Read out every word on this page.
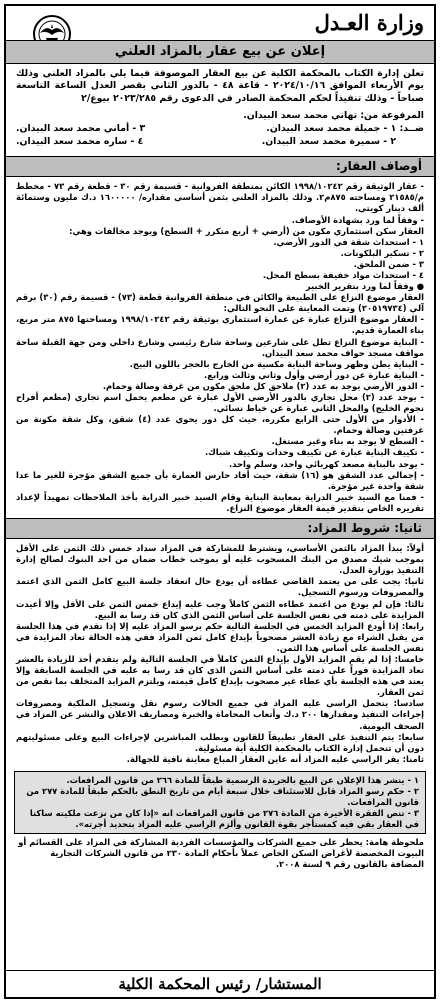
وزارة العـدل
إعلان عن بيع عقار بالمزاد العلني
تعلن إدارة الكتاب بالمحكمة الكلية عن بيع العقار الموصوفة فيما يلي بالمزاد العلني وذلك يوم الأربعاء الموافق ٢٠٢٤/١٠/١٦ - قاعة ٤٨ - بالدور الثاني بقصر العدل الساعة التاسعة صباحاً - وذلك تنفيذاً لحكم المحكمة الصادر في الدعوى رقم ٢٠٢٣/٢٨٥ بيوع/٢
المرفوعة من: تهاني محمد سعد البيدان.
ضــد: ١ - جميلة محمد سعد البيدان.
٣ - أماني محمد سعد البيدان.
٢ - سميرة محمد سعد البيدان.
٤ - ساره محمد سعد البيدان.
أوصاف العقار:

- عقار الوثيقة رقم ١٩٩٨/١٠٢٤٢ الكائن بمنطقة الفروانية - قسيمة رقم ٣٠ - قطعة رقم ٧٣ - مخطط م/٢١٥٨٥ ومساحته ٨٧٥م٢. وذلك بالمزاد العلني بثمن أساسي مقداره/ ١٦٠٠٠٠٠ د.ك مليون وستمائة ألف دينار كويتي.

- وفقاً لما ورد بشهادة الأوصاف.

العقار سكن استثماري مكون من (أرضي + أربع متكرر + السطح) ويوجد مخالفات وهي:

١ - استحداث شقة في الدور الأرضي.

٢ - تسكير البلكونات.

٣ - ضمن الملحق.

٤ - استحداث مواد خفيفة بسطح المحل.

● وفقاً لما ورد بتقرير الخبير

العقار موضوع النزاع على الطبيعة والكائن في منطقة الفروانية قطعة (٧٣) - قسيمة رقم (٣٠) برقم آلي (٢٠٥١٩٧٣٤) وتمت المعاينة على النحو التالي:

- العقار موضوع النزاع عبارة عن عمارة استثماري بوثيقة رقم ١٩٩٨/١٠٢٤٢ ومساحتها ٨٧٥ متر مربع، بناء العمارة قديم.

- البناية موضوع النزاع تطل على شارعين وساحة شارع رئيسي وشارع داخلي ومن جهة القبلة ساحة مواقف مسجد حواف محمد سعد البيدان.

- البناية يطن وظهر وساحة البناية مكسية من الخارج بالحجر باللون البيج.

- البناية عبارة عن دور أرضي وأول وثاني وثالث ورابع.

- الدور الأرضي يوجد به عدد (٢) ملاحق كل ملحق مكون من غرفة وصالة وحمام.

- يوجد عدد (٢) محل تجاري بالدور الأرضي الأول عبارة عن مطعم يحمل اسم تجاري (مطعم أفراح نجوم الخليج) والمحل الثاني عبارة عن خياط نسائي.

- الأدوار من الأول حتى الرابع مكرره، حيث كل دور يحوي عدد (٤) شقق، وكل شقة مكونة من غرفتين وصالة وحمام.

- السطح لا يوجد به بناء وغير مستغل.

- تكييف البناية عبارة عن تكييف وحدات وتكييف شباك.

- يوجد بالبناية مصعد كهربائي واحد، وسلم واحد.

- إجمالي عدد الشقق هو (١٦) شقة، حيث أفاد حارس العمارة بأن جميع الشقق مؤجرة للغير ما عدا شقة واحدة غير مؤجرة.

- فمنا مع السيد خبير الدراية بمعاينة البناية وقام السيد خبير الدراية بأخذ الملاحظات تمهيداً لإعداد تقريره الخاص بتقدير قيمة العقار موضوع النزاع.

ثانيا: شروط المزاد:

أولاً: يبدأ المزاد بالثمن الأساسي، ويشترط للمشاركة في المزاد سداد خمس ذلك الثمن على الأقل بموجب شيك مصدق من البنك المسحوب عليه أو بموجب خطاب ضمان من احد البنوك لصالح إدارة التنفيذ بوزارة العدل.

ثانيا: يجب على من يعتمد القاضي عطاءه أن يودع حال انعقاد جلسة البيع كامل الثمن الذي اعتمد والمصروفات ورسوم التسجيل.

ثالثا: فإن لم يودع من اعتمد عطاءه الثمن كاملاً وجب عليه إيداع خمس الثمن على الأقل وإلا أعيدت المزايدة على ذمته في نفس الجلسة على أساس الثمن الذي كان قد رسا به البيع.

رابعا: إذا أودع المزايد الخمس في الجلسة التالية حكم برسو المزاد عليه إلا إذا تقدم في هذا الجلسة من يقبل الشراء مع زيادة العشر مصحوباً بإيداع كامل ثمن المزاد ففي هذه الحالة تعاد المزايدة في نفس الجلسة على أساس هذا الثمن.

خامسا: إذا لم يقم المزايد الأول بإيداع الثمن كاملاً في الجلسة التالية ولم يتقدم أحد للزيادة بالعشر تعاد المزايدة فوراً على ذمته على أساس الثمن الذي كان قد رسا به عليه في الجلسة السابقة وإلا يعتد في هذه الجلسة بأي عطاء غير مصحوب بإيداع كامل قيمته، ويلتزم المزايد المتخلف بما نقص من ثمن العقار.

سادسا: يتحمل الراسي عليه المزاد في جميع الحالات رسوم نقل وتسجيل الملكية ومصروفات إجراءات التنفيذ ومقدارها ٢٠٠ د.ك وأتعاب المحاماة والخبرة ومصاريف الاعلان والنشر عن المزاد في الصحف اليومية.

سابعا: يتم التنفيذ على العقار تطبيقاً للقانون وبطلب المباشرين لإجراءات البيع وعلى مسئوليتهم دون أن تتحمل إدارة الكتاب بالمحكمة الكلية أية مسئولية.

ثامنا: يقر الراسي عليه المزاد أنه عاين العقار المباع معاينة نافية للجهالة.

١ - ينشر هذا الإعلان عن البيع بالجريدة الرسمية طبقاً للمادة ٢٦٦ من قانون المرافعات.
٢ - حكم رسو المزاد قابل للاستئناف خلال سبعة أيام من تاريخ النطق بالحكم طبقاً للمادة ٢٧٧ من قانون المرافعات.
٣ - تنص الفقرة الأخيرة من المادة ٢٧٦ من قانون المرافعات انه «إذا كان من نزعت ملكيته ساكنا في العقار بقي فيه كمستأجر بقوة القانون وألزم الراسي عليه المزاد بتحديد أجرته».
ملحوظة هامة: يحظر على جميع الشركات والمؤسسات الفردية المشاركة في المزاد على القسائم أو البيوت المخصصة لأغراض السكن الخاص عملاً بأحكام المادة ٢٣٠ من قانون الشركات التجارية المضافة بالقانون رقم ٩ لسنة ٢٠٠٨.
المستشار/ رئيس المحكمة الكلية
